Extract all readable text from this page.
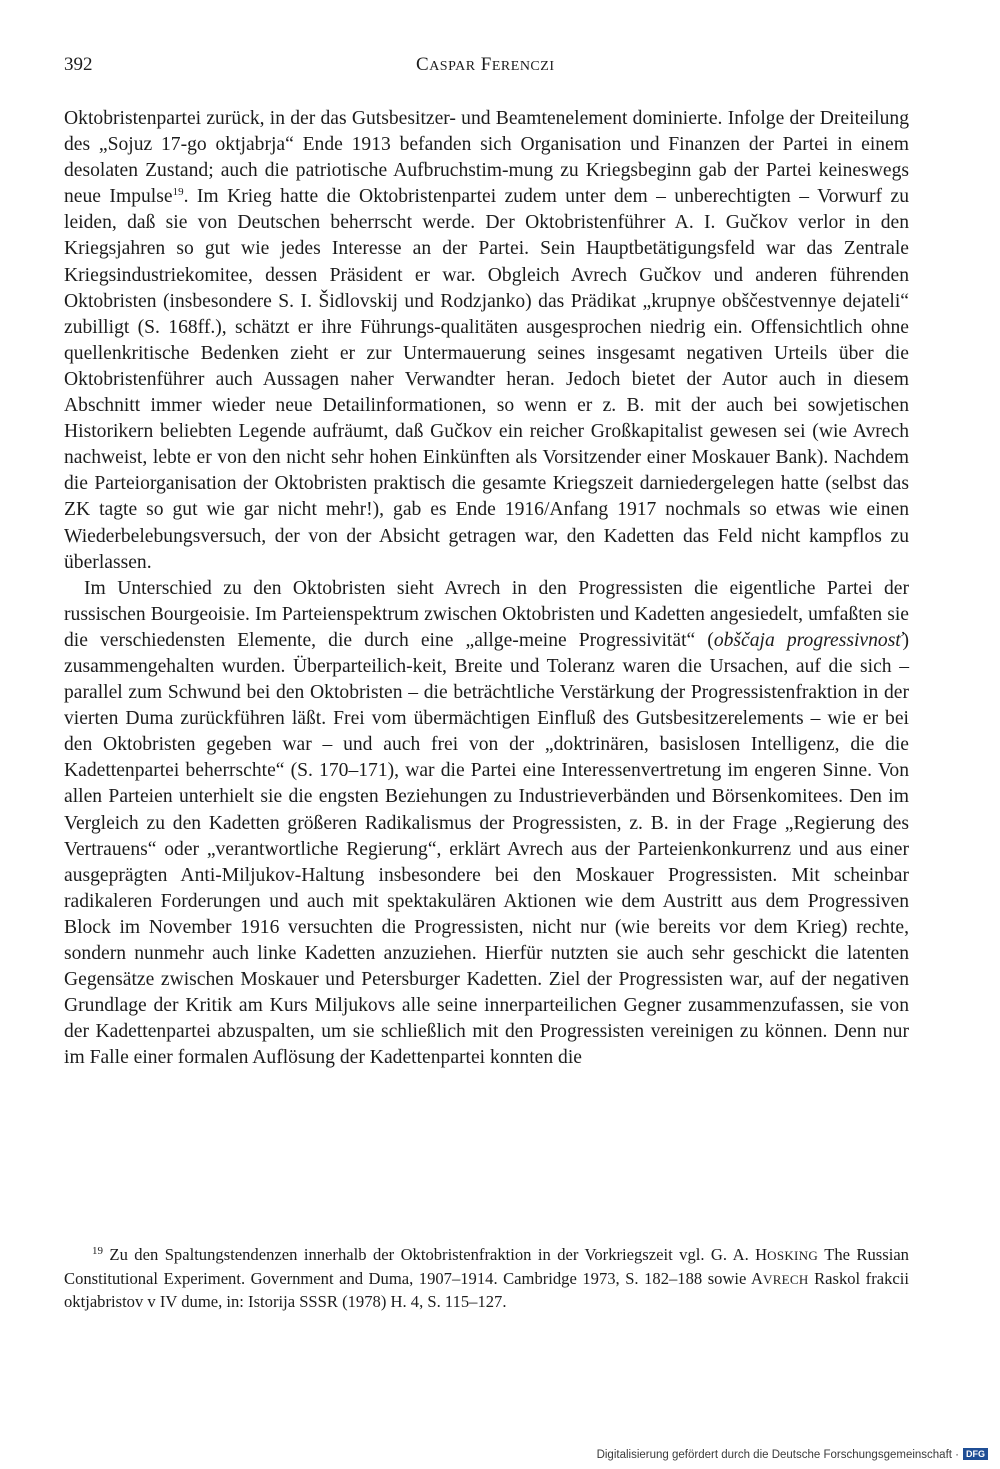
392	CASPAR FERENCZI

Oktobristenpartei zurück, in der das Gutsbesitzer- und Beamtenelement dominierte. Infolge der Dreiteilung des „Sojuz 17-go oktjabrja“ Ende 1913 befanden sich Organisation und Finanzen der Partei in einem desolaten Zustand; auch die patriotische Aufbruchstim-mung zu Kriegsbeginn gab der Partei keineswegs neue Impulse$^{19}$. Im Krieg hatte die Oktobristenpartei zudem unter dem – unberechtigten – Vorwurf zu leiden, daß sie von Deutschen beherrscht werde. Der Oktobristenführer A. I. Gučkov verlor in den Kriegsjahren so gut wie jedes Interesse an der Partei. Sein Hauptbetätigungsfeld war das Zentrale Kriegsindustriekomitee, dessen Präsident er war. Obgleich Avrech Gučkov und anderen führenden Oktobristen (insbesondere S. I. Šidlovskij und Rodzjanko) das Prädikat „krupnye obščestvennye dejateli“ zubilligt (S. 168ff.), schätzt er ihre Führungs-qualitäten ausgesprochen niedrig ein. Offensichtlich ohne quellenkritische Bedenken zieht er zur Untermauerung seines insgesamt negativen Urteils über die Oktobristenführer auch Aussagen naher Verwandter heran. Jedoch bietet der Autor auch in diesem Abschnitt immer wieder neue Detailinformationen, so wenn er z. B. mit der auch bei sowjetischen Historikern beliebten Legende aufräumt, daß Gučkov ein reicher Großkapitalist gewesen sei (wie Avrech nachweist, lebte er von den nicht sehr hohen Einkünften als Vorsitzender einer Moskauer Bank). Nachdem die Parteiorganisation der Oktobristen praktisch die gesamte Kriegszeit darniedergelegen hatte (selbst das ZK tagte so gut wie gar nicht mehr!), gab es Ende 1916/Anfang 1917 nochmals so etwas wie einen Wiederbelebungsversuch, der von der Absicht getragen war, den Kadetten das Feld nicht kampflos zu überlassen.

Im Unterschied zu den Oktobristen sieht Avrech in den Progressisten die eigentliche Partei der russischen Bourgeoisie. Im Parteienspektrum zwischen Oktobristen und Kadetten angesiedelt, umfaßten sie die verschiedensten Elemente, die durch eine „allge-meine Progressivität“ (obščaja progressivnosť) zusammengehalten wurden. Überparteilich-keit, Breite und Toleranz waren die Ursachen, auf die sich – parallel zum Schwund bei den Oktobristen – die beträchtliche Verstärkung der Progressistenfraktion in der vierten Duma zurückführen läßt. Frei vom übermächtigen Einfluß des Gutsbesitzerelements – wie er bei den Oktobristen gegeben war – und auch frei von der „doktrinären, basislosen Intelligenz, die die Kadettenpartei beherrschte“ (S. 170–171), war die Partei eine Interessenvertretung im engeren Sinne. Von allen Parteien unterhielt sie die engsten Beziehungen zu Industrieverbänden und Börsenkomitees. Den im Vergleich zu den Kadetten größeren Radikalismus der Progressisten, z. B. in der Frage „Regierung des Vertrauens“ oder „verantwortliche Regierung“, erklärt Avrech aus der Parteienkonkurrenz und aus einer ausgeprägten Anti-Miljukov-Haltung insbesondere bei den Moskauer Progressisten. Mit scheinbar radikaleren Forderungen und auch mit spektakulären Aktionen wie dem Austritt aus dem Progressiven Block im November 1916 versuchten die Progressisten, nicht nur (wie bereits vor dem Krieg) rechte, sondern nunmehr auch linke Kadetten anzuziehen. Hierfür nutzten sie auch sehr geschickt die latenten Gegensätze zwischen Moskauer und Petersburger Kadetten. Ziel der Progressisten war, auf der negativen Grundlage der Kritik am Kurs Miljukovs alle seine innerparteilichen Gegner zusammenzufassen, sie von der Kadettenpartei abzuspalten, um sie schließlich mit den Progressisten vereinigen zu können. Denn nur im Falle einer formalen Auflösung der Kadettenpartei konnten die

$^{19}$ Zu den Spaltungstendenzen innerhalb der Oktobristenfraktion in der Vorkriegszeit vgl. G. A. HOSKING The Russian Constitutional Experiment. Government and Duma, 1907–1914. Cambridge 1973, S. 182–188 sowie AVRECH Raskol frakcii oktjabristov v IV dume, in: Istorija SSSR (1978) H. 4, S. 115–127.

Digitalisierung gefördert durch die Deutsche Forschungsgemeinschaft · DFG
